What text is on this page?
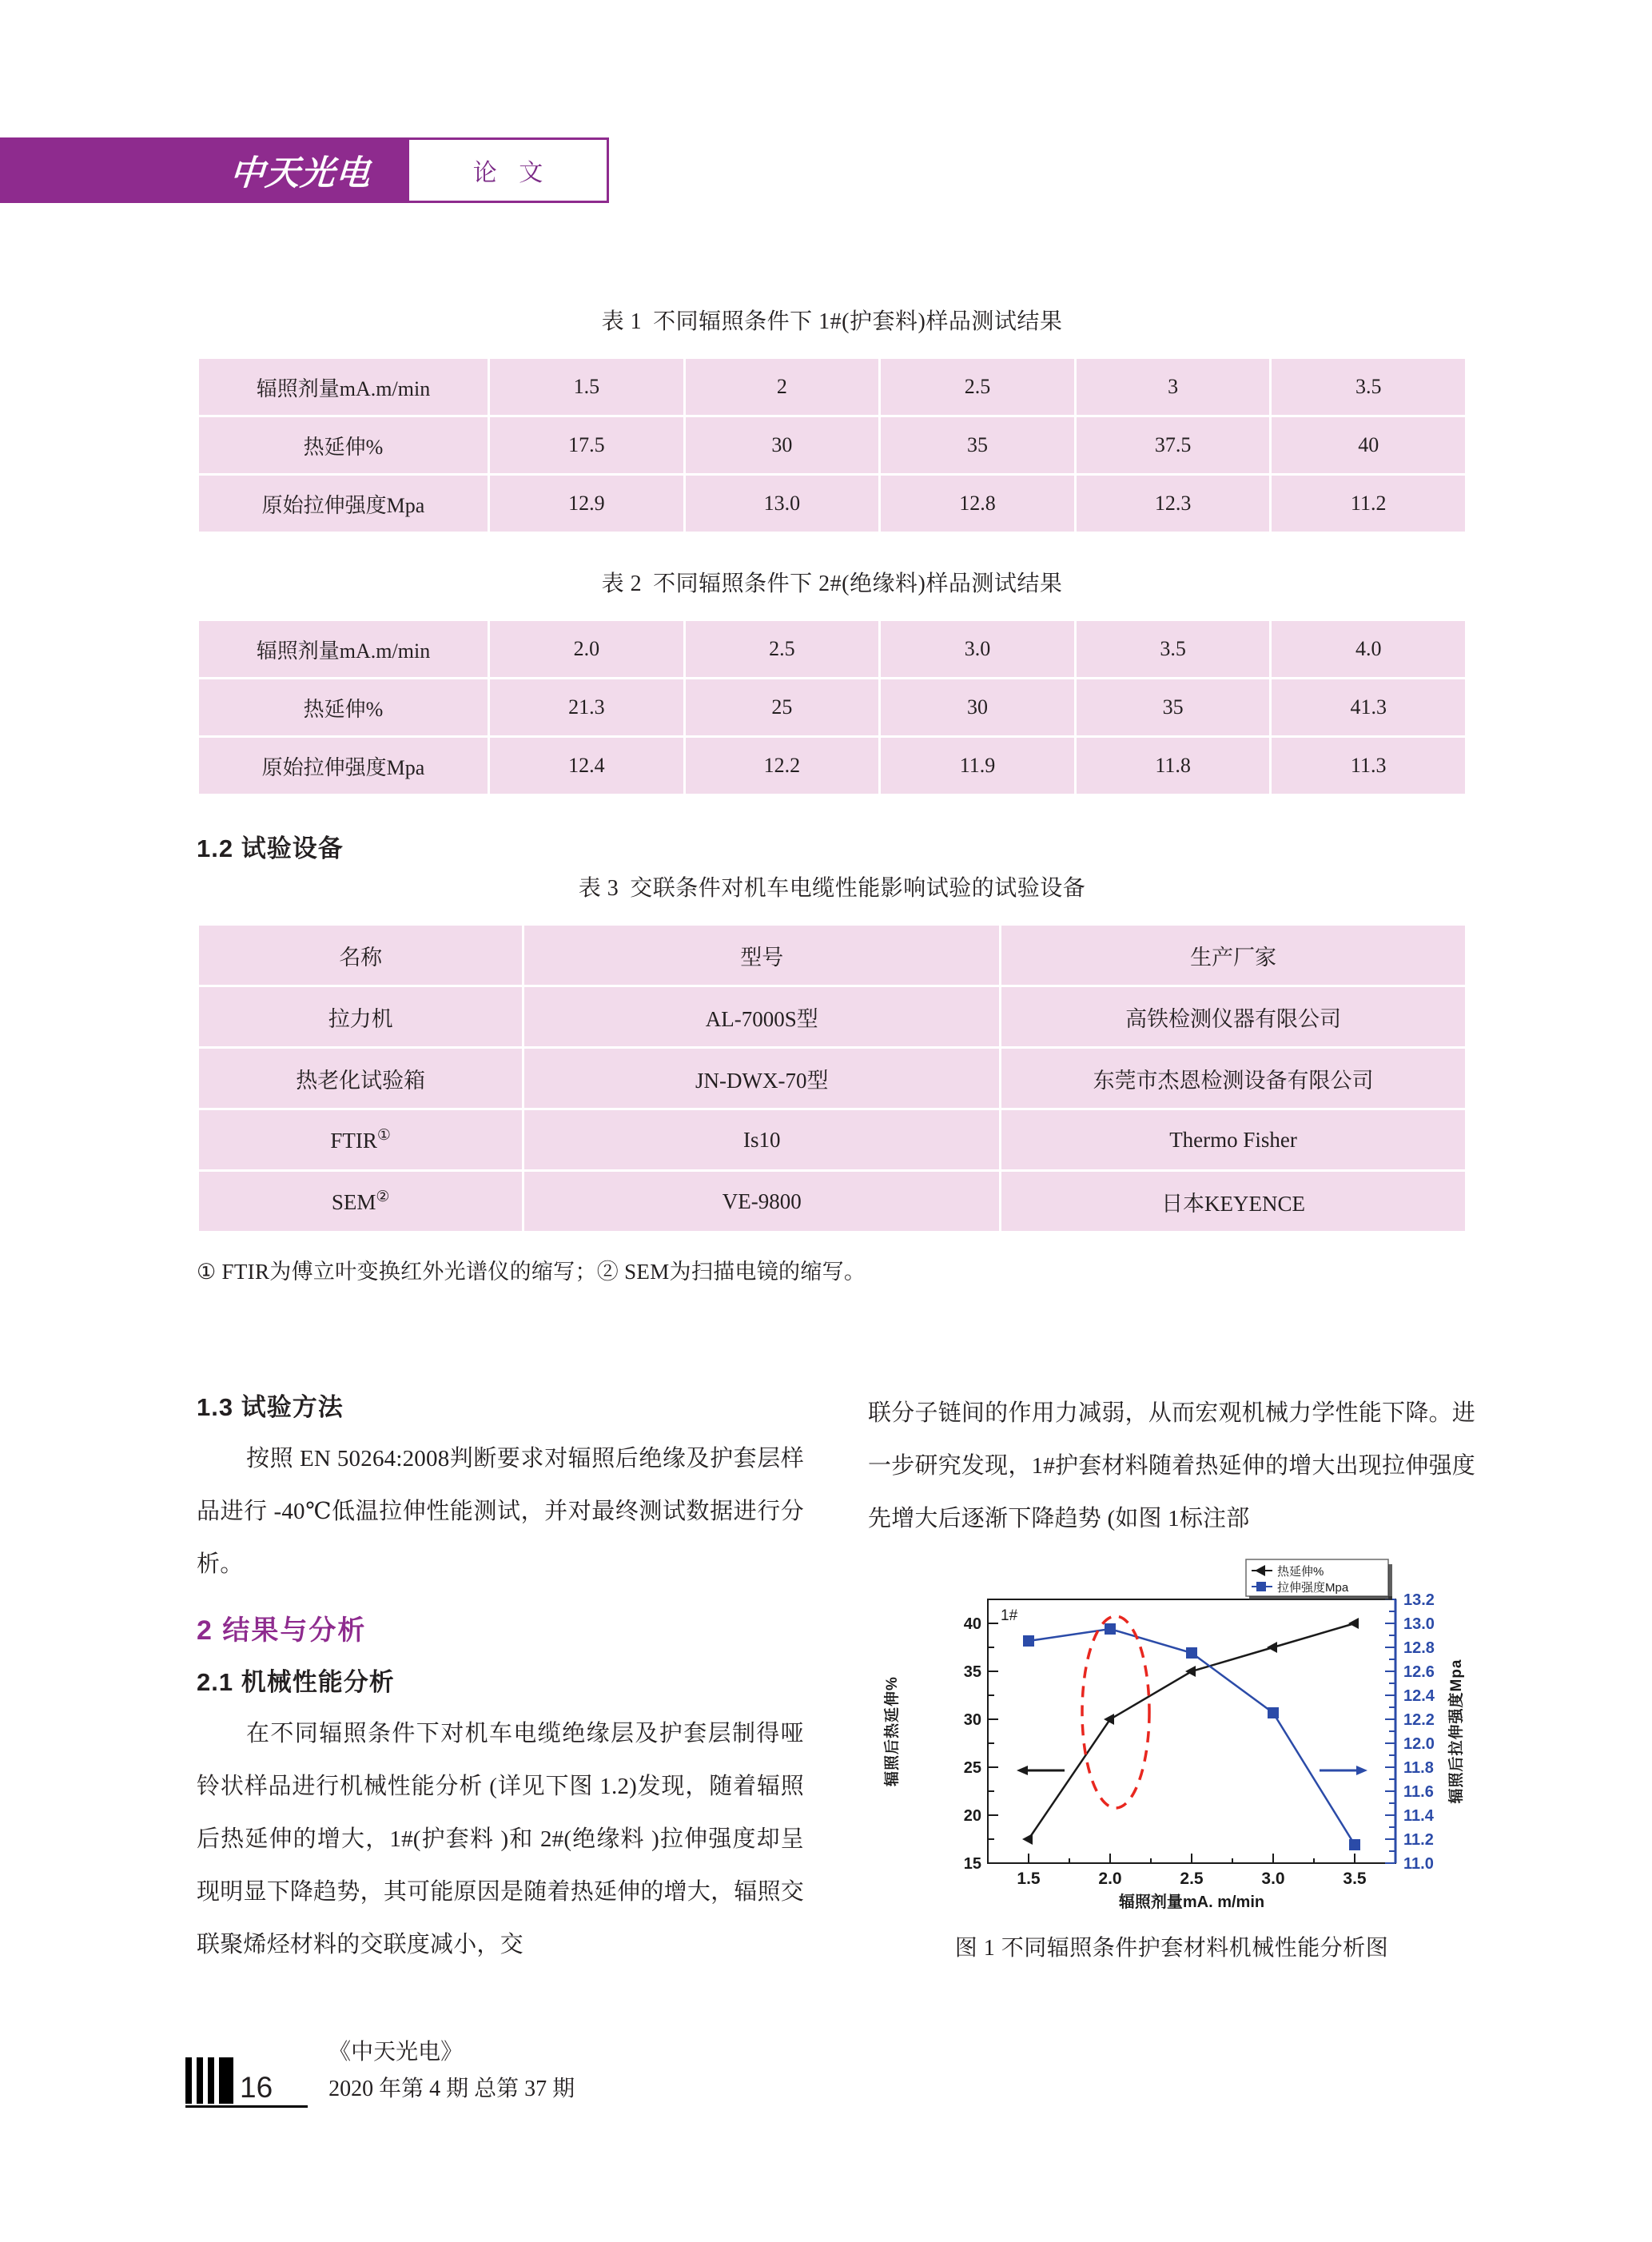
中天光电	论 文

表 1 不同辐照条件下 1#(护套料)样品测试结果

辐照剂量mA.m/min	1.5	2	2.5	3	3.5
热延伸%	17.5	30	35	37.5	40
原始拉伸强度Mpa	12.9	13.0	12.8	12.3	11.2

表 2 不同辐照条件下 2#(绝缘料)样品测试结果

辐照剂量mA.m/min	2.0	2.5	3.0	3.5	4.0
热延伸%	21.3	25	30	35	41.3
原始拉伸强度Mpa	12.4	12.2	11.9	11.8	11.3
1.2 试验设备

表 3 交联条件对机车电缆性能影响试验的试验设备

名称	型号	生产厂家
拉力机	AL-7000S型	高铁检测仪器有限公司
热老化试验箱	JN-DWX-70型	东莞市杰恩检测设备有限公司
FTIR①	Is10	Thermo Fisher
SEM②	VE-9800	日本KEYENCE

① FTIR为傅立叶变换红外光谱仪的缩写；② SEM为扫描电镜的缩写。

1.3 试验方法

按照 EN 50264:2008判断要求对辐照后绝缘及护套层样品进行 -40℃低温拉伸性能测试，并对最终测试数据进行分析。

2 结果与分析
2.1 机械性能分析

在不同辐照条件下对机车电缆绝缘层及护套层制得哑铃状样品进行机械性能分析 (详见下图 1.2)发现，随着辐照后热延伸的增大，1#(护套料 )和 2#(绝缘料 )拉伸强度却呈现明显下降趋势，其可能原因是随着热延伸的增大，辐照交联聚烯烃材料的交联度减小，交

联分子链间的作用力减弱，从而宏观机械力学性能下降。进一步研究发现，1#护套材料随着热延伸的增大出现拉伸强度先增大后逐渐下降趋势 (如图 1标注部

15
20
25
30
35
40
辐照后热延伸%
11.0
11.2
11.4
11.6
11.8
12.0
12.2
12.4
12.6
12.8
13.0
13.2
辐照后拉伸强度Mpa
1.5	2.0	2.5	3.0	3.5
辐照剂量mA. m/min
1#
热延伸%
拉伸强度Mpa

图 1 不同辐照条件护套材料机械性能分析图

16
《中天光电》
2020 年第 4 期 总第 37 期
